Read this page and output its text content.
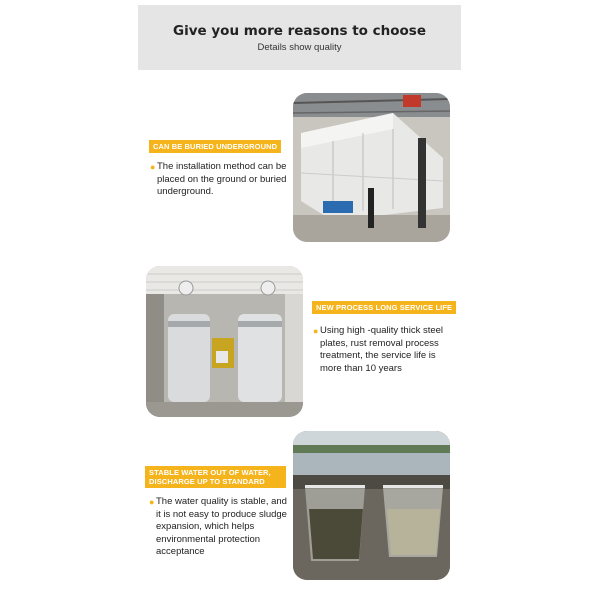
Give you more reasons to choose
Details show quality
CAN BE BURIED UNDERGROUND
● The installation method can be placed on the ground or buried underground.
NEW PROCESS LONG SERVICE LIFE
● Using high -quality thick steel plates, rust removal process treatment, the service life is more than 10 years
STABLE WATER OUT OF WATER, DISCHARGE UP TO STANDARD
● The water quality is stable, and it is not easy to produce sludge expansion, which helps environmental protection acceptance
